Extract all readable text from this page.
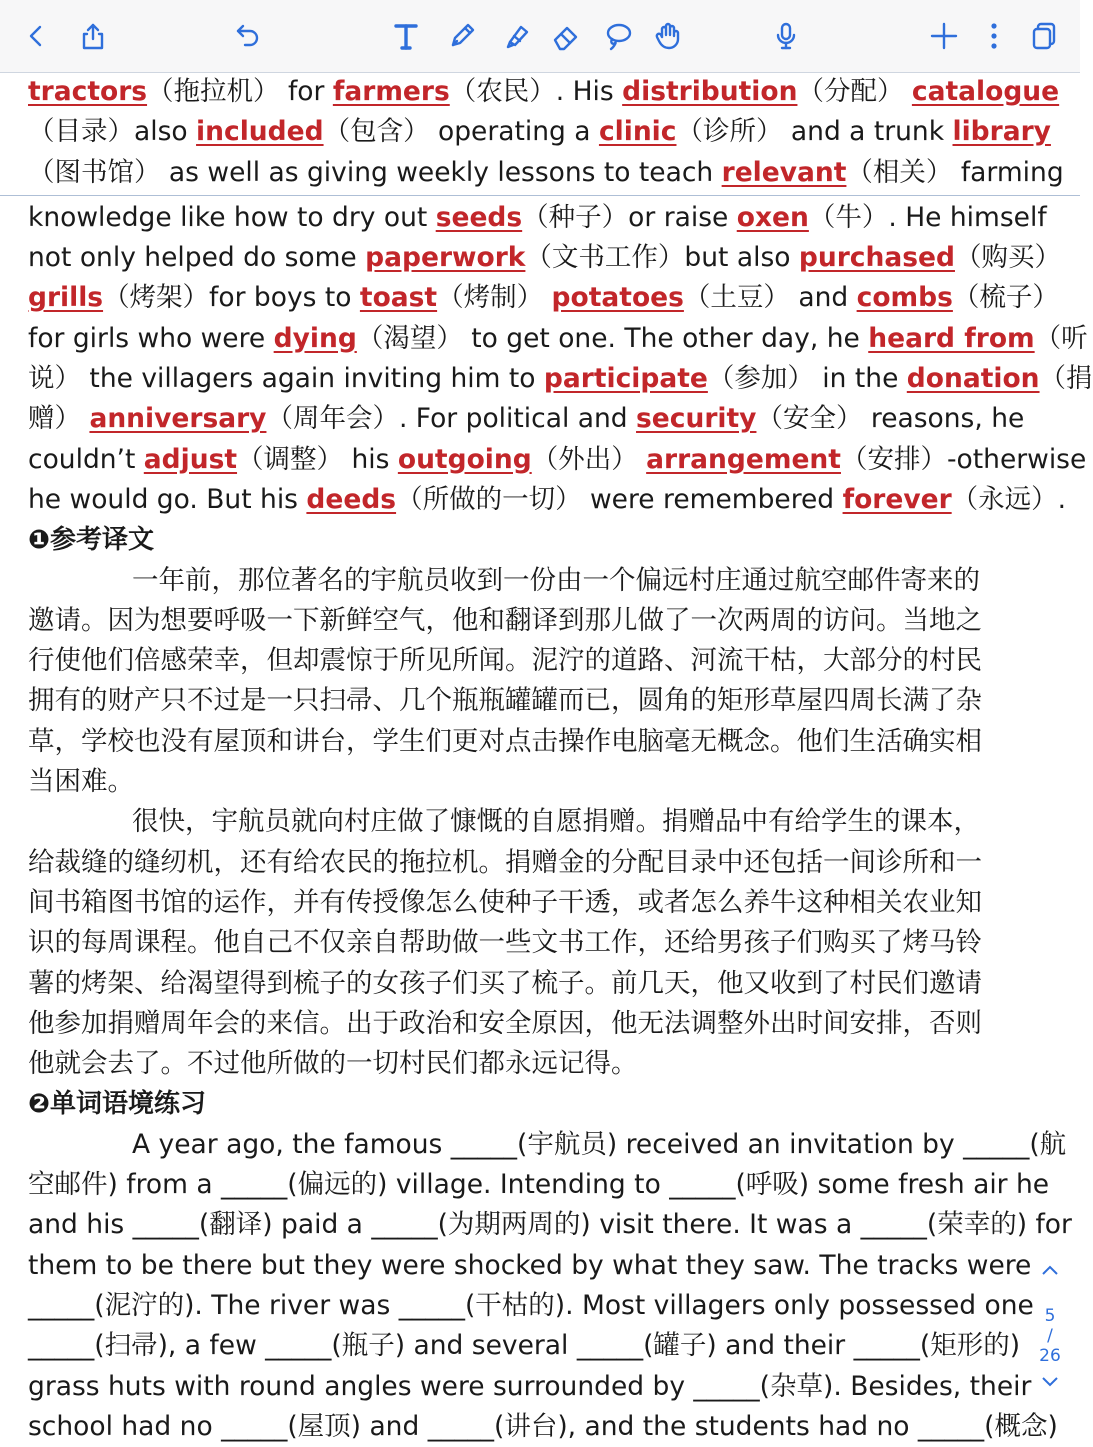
tractors（拖拉机） for farmers（农民）. His distribution（分配） catalogue
（目录）also included（包含） operating a clinic（诊所） and a trunk library
（图书馆） as well as giving weekly lessons to teach relevant（相关） farming
knowledge like how to dry out seeds（种子）or raise oxen（牛）. He himself
not only helped do some paperwork（文书工作）but also purchased（购买）
grills（烤架）for boys to toast（烤制） potatoes（土豆） and combs（梳子）
for girls who were dying（渴望） to get one. The other day, he heard from（听
说） the villagers again inviting him to participate（参加） in the donation（捐
赠） anniversary（周年会）. For political and security（安全） reasons, he
couldn’t adjust（调整） his outgoing（外出） arrangement（安排）-otherwise
he would go. But his deeds（所做的一切） were remembered forever（永远）.
❶参考译文
一年前，那位著名的宇航员收到一份由一个偏远村庄通过航空邮件寄来的
邀请。因为想要呼吸一下新鲜空气，他和翻译到那儿做了一次两周的访问。当地之
行使他们倍感荣幸，但却震惊于所见所闻。泥泞的道路、河流干枯，大部分的村民
拥有的财产只不过是一只扫帚、几个瓶瓶罐罐而已，圆角的矩形草屋四周长满了杂
草，学校也没有屋顶和讲台，学生们更对点击操作电脑毫无概念。他们生活确实相
当困难。
很快，宇航员就向村庄做了慷慨的自愿捐赠。捐赠品中有给学生的课本，
给裁缝的缝纫机，还有给农民的拖拉机。捐赠金的分配目录中还包括一间诊所和一
间书箱图书馆的运作，并有传授像怎么使种子干透，或者怎么养牛这种相关农业知
识的每周课程。他自己不仅亲自帮助做一些文书工作，还给男孩子们购买了烤马铃
薯的烤架、给渴望得到梳子的女孩子们买了梳子。前几天，他又收到了村民们邀请
他参加捐赠周年会的来信。出于政治和安全原因，他无法调整外出时间安排，否则
他就会去了。不过他所做的一切村民们都永远记得。
❷单词语境练习
A year ago, the famous _____(宇航员) received an invitation by _____(航
空邮件) from a _____(偏远的) village. Intending to _____(呼吸) some fresh air he
and his _____(翻译) paid a _____(为期两周的) visit there. It was a _____(荣幸的) for
them to be there but they were shocked by what they saw. The tracks were
_____(泥泞的). The river was _____(干枯的). Most villagers only possessed one
_____(扫帚), a few _____(瓶子) and several _____(罐子) and their _____(矩形的)
grass huts with round angles were surrounded by _____(杂草). Besides, their
school had no _____(屋顶) and _____(讲台), and the students had no _____(概念)
5
/
26
